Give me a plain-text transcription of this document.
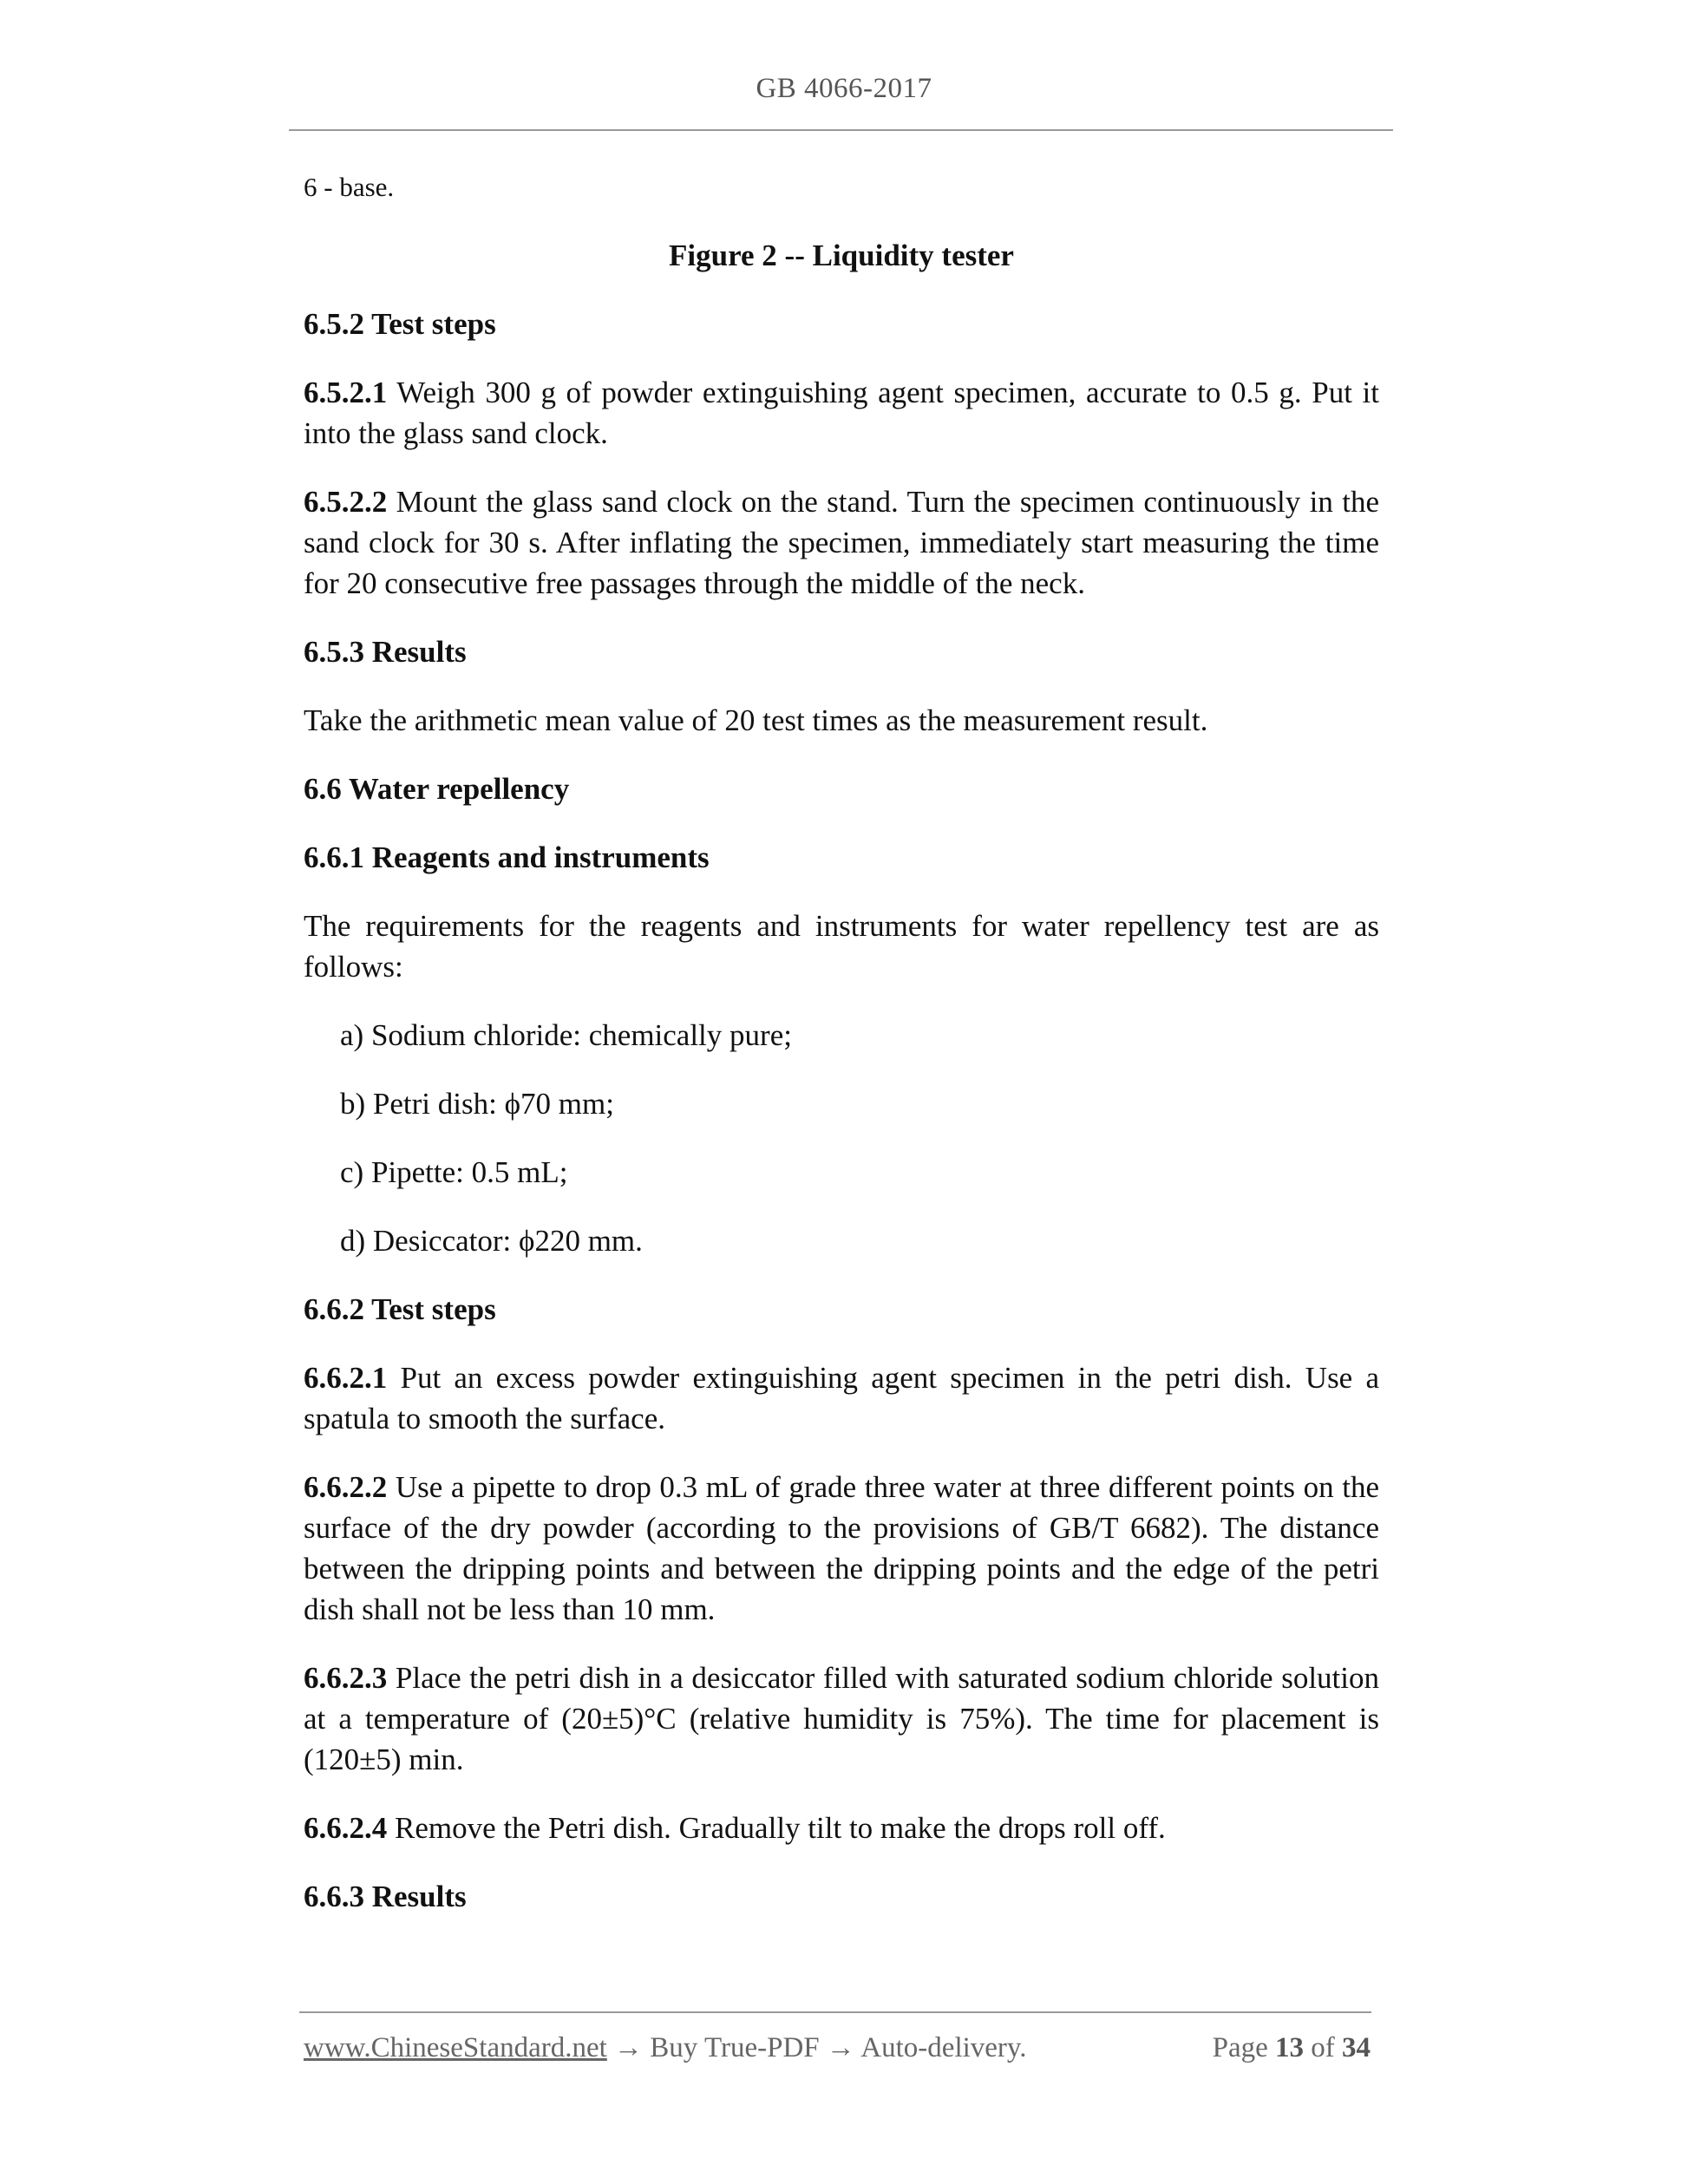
GB 4066-2017

6 - base.

Figure 2 -- Liquidity tester

6.5.2 Test steps

6.5.2.1 Weigh 300 g of powder extinguishing agent specimen, accurate to 0.5 g. Put it into the glass sand clock.

6.5.2.2 Mount the glass sand clock on the stand. Turn the specimen continuously in the sand clock for 30 s. After inflating the specimen, immediately start measuring the time for 20 consecutive free passages through the middle of the neck.

6.5.3 Results

Take the arithmetic mean value of 20 test times as the measurement result.

6.6 Water repellency

6.6.1 Reagents and instruments

The requirements for the reagents and instruments for water repellency test are as follows:

a) Sodium chloride: chemically pure;

b) Petri dish: ϕ70 mm;

c) Pipette: 0.5 mL;

d) Desiccator: ϕ220 mm.

6.6.2 Test steps

6.6.2.1 Put an excess powder extinguishing agent specimen in the petri dish. Use a spatula to smooth the surface.

6.6.2.2 Use a pipette to drop 0.3 mL of grade three water at three different points on the surface of the dry powder (according to the provisions of GB/T 6682). The distance between the dripping points and between the dripping points and the edge of the petri dish shall not be less than 10 mm.

6.6.2.3 Place the petri dish in a desiccator filled with saturated sodium chloride solution at a temperature of (20±5)°C (relative humidity is 75%). The time for placement is (120±5) min.

6.6.2.4 Remove the Petri dish. Gradually tilt to make the drops roll off.

6.6.3 Results

www.ChineseStandard.net → Buy True-PDF → Auto-delivery.	Page 13 of 34
